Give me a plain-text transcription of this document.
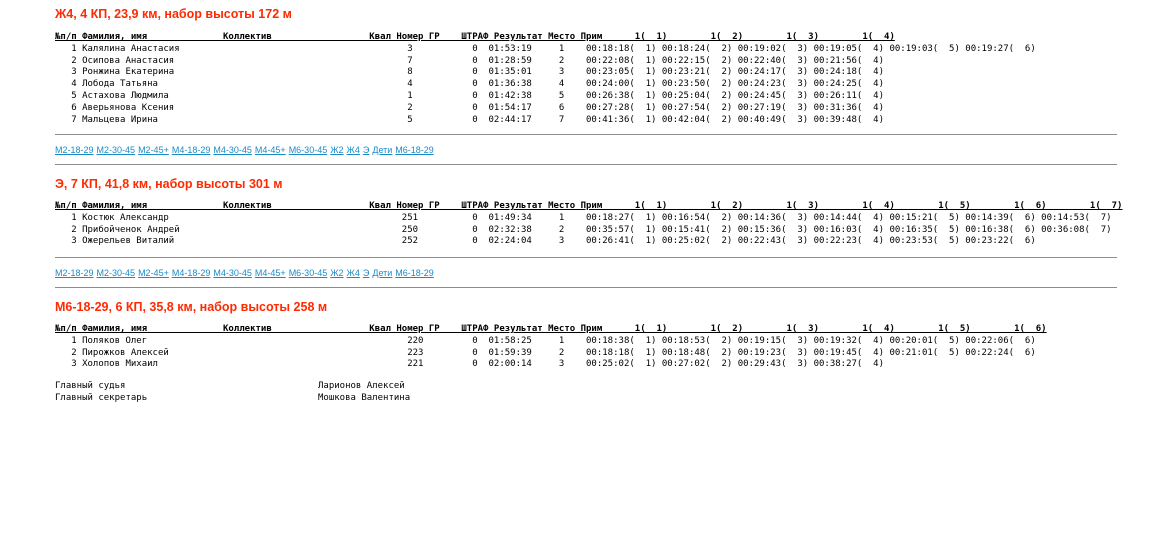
Ж4, 4 КП, 23,9 км, набор высоты 172 м
№п/п Фамилия, имя              Коллектив                  Квал Номер ГР    ШТРАФ Результат Место Прим      1(  1)        1(  2)        1(  3)        1(  4)
1 Калялина Анастасия                                          3           0  01:53:19     1    00:18:18(  1) 00:18:24(  2) 00:19:02(  3) 00:19:05(  4) 00:19:03(  5) 00:19:27(  6)
2 Осипова Анастасия                                           7           0  01:28:59     2    00:22:08(  1) 00:22:15(  2) 00:22:40(  3) 00:21:56(  4)
3 Ронжина Екатерина                                           8           0  01:35:01     3    00:23:05(  1) 00:23:21(  2) 00:24:17(  3) 00:24:18(  4)
4 Лобода Татьяна                                              4           0  01:36:38     4    00:24:00(  1) 00:23:50(  2) 00:24:23(  3) 00:24:25(  4)
5 Астахова Людмила                                            1           0  01:42:38     5    00:26:38(  1) 00:25:04(  2) 00:24:45(  3) 00:26:11(  4)
6 Аверьянова Ксения                                           2           0  01:54:17     6    00:27:28(  1) 00:27:54(  2) 00:27:19(  3) 00:31:36(  4)
7 Мальцева Ирина                                              5           0  02:44:17     7    00:41:36(  1) 00:42:04(  2) 00:40:49(  3) 00:39:48(  4)
М2-18-29 М2-30-45 М2-45+ М4-18-29 М4-30-45 М4-45+ М6-30-45 Ж2 Ж4 Э Дети М6-18-29
Э, 7 КП, 41,8 км, набор высоты 301 м
№п/п Фамилия, имя              Коллектив                  Квал Номер ГР    ШТРАФ Результат Место Прим      1(  1)        1(  2)        1(  3)        1(  4)        1(  5)        1(  6)        1(  7)
1 Костюк Александр                                           251          0  01:49:34     1    00:18:27(  1) 00:16:54(  2) 00:14:36(  3) 00:14:44(  4) 00:15:21(  5) 00:14:39(  6) 00:14:53(  7)
2 Прибойченок Андрей                                         250          0  02:32:38     2    00:35:57(  1) 00:15:41(  2) 00:15:36(  3) 00:16:03(  4) 00:16:35(  5) 00:16:38(  6) 00:36:08(  7)
3 Ожерельев Виталий                                          252          0  02:24:04     3    00:26:41(  1) 00:25:02(  2) 00:22:43(  3) 00:22:23(  4) 00:23:53(  5) 00:23:22(  6)
М2-18-29 М2-30-45 М2-45+ М4-18-29 М4-30-45 М4-45+ М6-30-45 Ж2 Ж4 Э Дети М6-18-29
М6-18-29, 6 КП, 35,8 км, набор высоты 258 м
№п/п Фамилия, имя              Коллектив                  Квал Номер ГР    ШТРАФ Результат Место Прим      1(  1)        1(  2)        1(  3)        1(  4)        1(  5)        1(  6)
1 Поляков Олег                                                220         0  01:58:25     1    00:18:38(  1) 00:18:53(  2) 00:19:15(  3) 00:19:32(  4) 00:20:01(  5) 00:22:06(  6)
2 Пирожков Алексей                                            223         0  01:59:39     2    00:18:18(  1) 00:18:48(  2) 00:19:23(  3) 00:19:45(  4) 00:21:01(  5) 00:22:24(  6)
3 Холопов Михаил                                              221         0  02:00:14     3    00:25:02(  1) 00:27:02(  2) 00:29:43(  3) 00:38:27(  4)
Главный судья	Ларионов Алексей
Главный секретарь	Мошкова Валентина
